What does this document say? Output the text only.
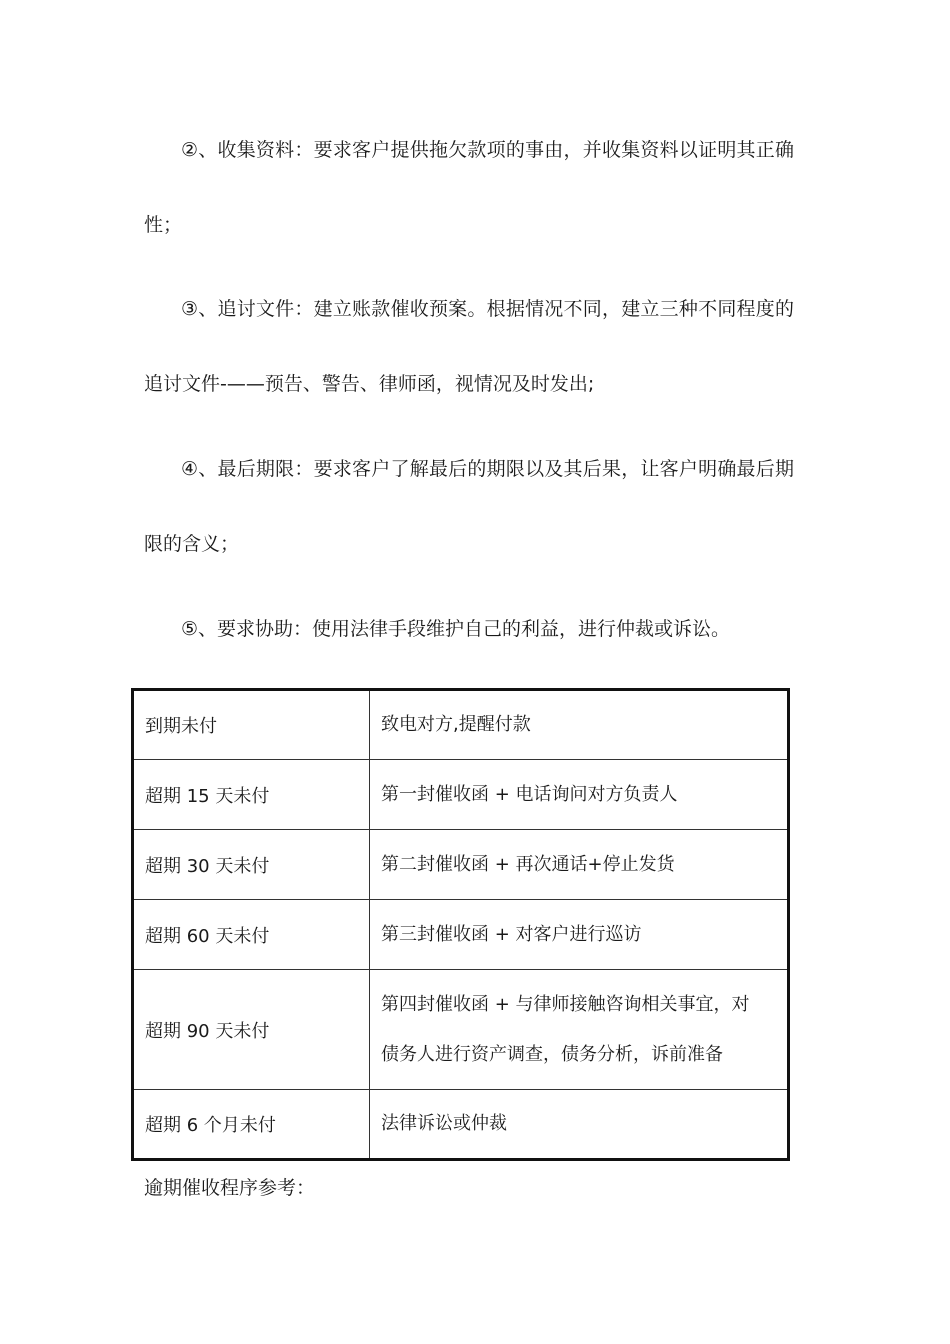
②、收集资料：要求客户提供拖欠款项的事由，并收集资料以证明其正确
性；
③、追讨文件：建立账款催收预案。根据情况不同，建立三种不同程度的
追讨文件-——预告、警告、律师函，视情况及时发出;
④、最后期限：要求客户了解最后的期限以及其后果，让客户明确最后期
限的含义；
⑤、要求协助：使用法律手段维护自己的利益，进行仲裁或诉讼。
到期未付	致电对方,提醒付款

超期 15 天未付	第一封催收函 + 电话询问对方负责人

超期 30 天未付	第二封催收函 + 再次通话+停止发货

超期 60 天未付	第三封催收函 + 对客户进行巡访

超期 90 天未付	第四封催收函 + 与律师接触咨询相关事宜，对
债务人进行资产调查，债务分析，诉前准备

超期 6 个月未付	法律诉讼或仲裁
逾期催收程序参考：
